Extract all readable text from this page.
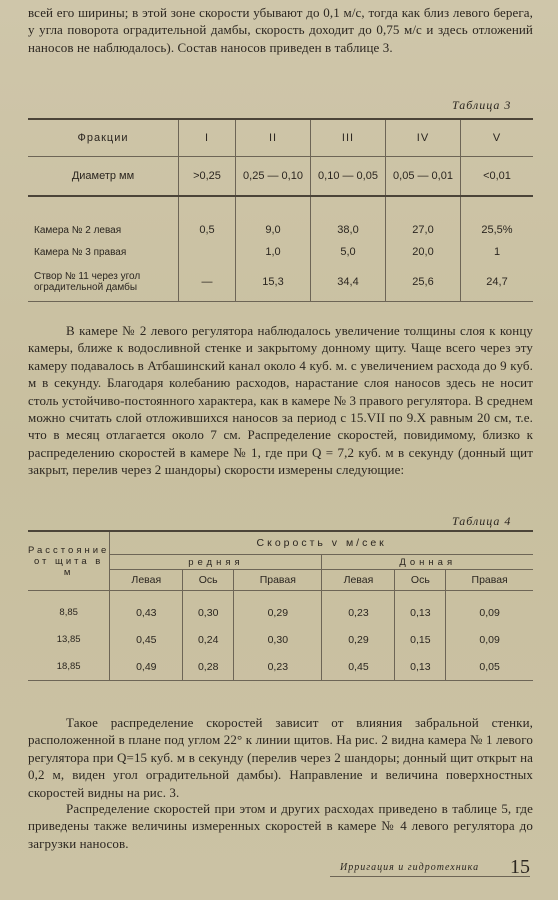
всей его ширины; в этой зоне скорости убывают до 0,1 м/с, тогда как близ левого берега, у угла поворота оградительной дамбы, скорость доходит до 0,75 м/с и здесь отложений наносов не наблюдалось). Состав наносов приведен в таблице 3.
Таблица 3
Фракции	I	II	III	IV	V
Диаметр мм	>0,25	0,25 — 0,10	0,10 — 0,05	0,05 — 0,01	<0,01

Камера № 2 левая	0,5	9,0	38,0	27,0	25,5%
Камера № 3 правая		1,0	5,0	20,0	1
Створ № 11 через угол оградительной дамбы	—	15,3	34,4	25,6	24,7
В камере № 2 левого регулятора наблюдалось увеличение толщины слоя к концу камеры, ближе к водосливной стенке и закрытому донному щиту. Чаще всего через эту камеру подавалось в Атбашинский канал около 4 куб. м. с увеличением расхода до 9 куб. м в секунду. Благодаря колебанию расходов, нарастание слоя наносов здесь не носит столь устойчиво-постоянного характера, как в камере № 3 правого регулятора. В среднем можно считать слой отложившихся наносов за период с 15.VII по 9.X равным 20 см, т.е. что в месяц отлагается около 7 см. Распределение скоростей, повидимому, близко к распределению скоростей в камере № 1, где при Q = 7,2 куб. м в секунду (донный щит закрыт, перелив через 2 шандоры) скорости измерены следующие:
Таблица 4
Расстояние от щита в м	Скорость v м/сек					
	редняя			Донная		
	Левая	Ось	Правая	Левая	Ось	Правая

8,85	0,43	0,30	0,29	0,23	0,13	0,09
13,85	0,45	0,24	0,30	0,29	0,15	0,09
18,85	0,49	0,28	0,23	0,45	0,13	0,05
Такое распределение скоростей зависит от влияния забральной стенки, расположенной в плане под углом 22° к линии щитов. На рис. 2 видна камера № 1 левого регулятора при Q=15 куб. м в секунду (перелив через 2 шандоры; донный щит открыт на 0,2 м, виден угол оградительной дамбы). Направление и величина поверхностных скоростей видны на рис. 3.
Распределение скоростей при этом и других расходах приведено в таблице 5, где приведены также величины измеренных скоростей в камере № 4 левого регулятора до загрузки наносов.
Ирригация и гидротехника 15
